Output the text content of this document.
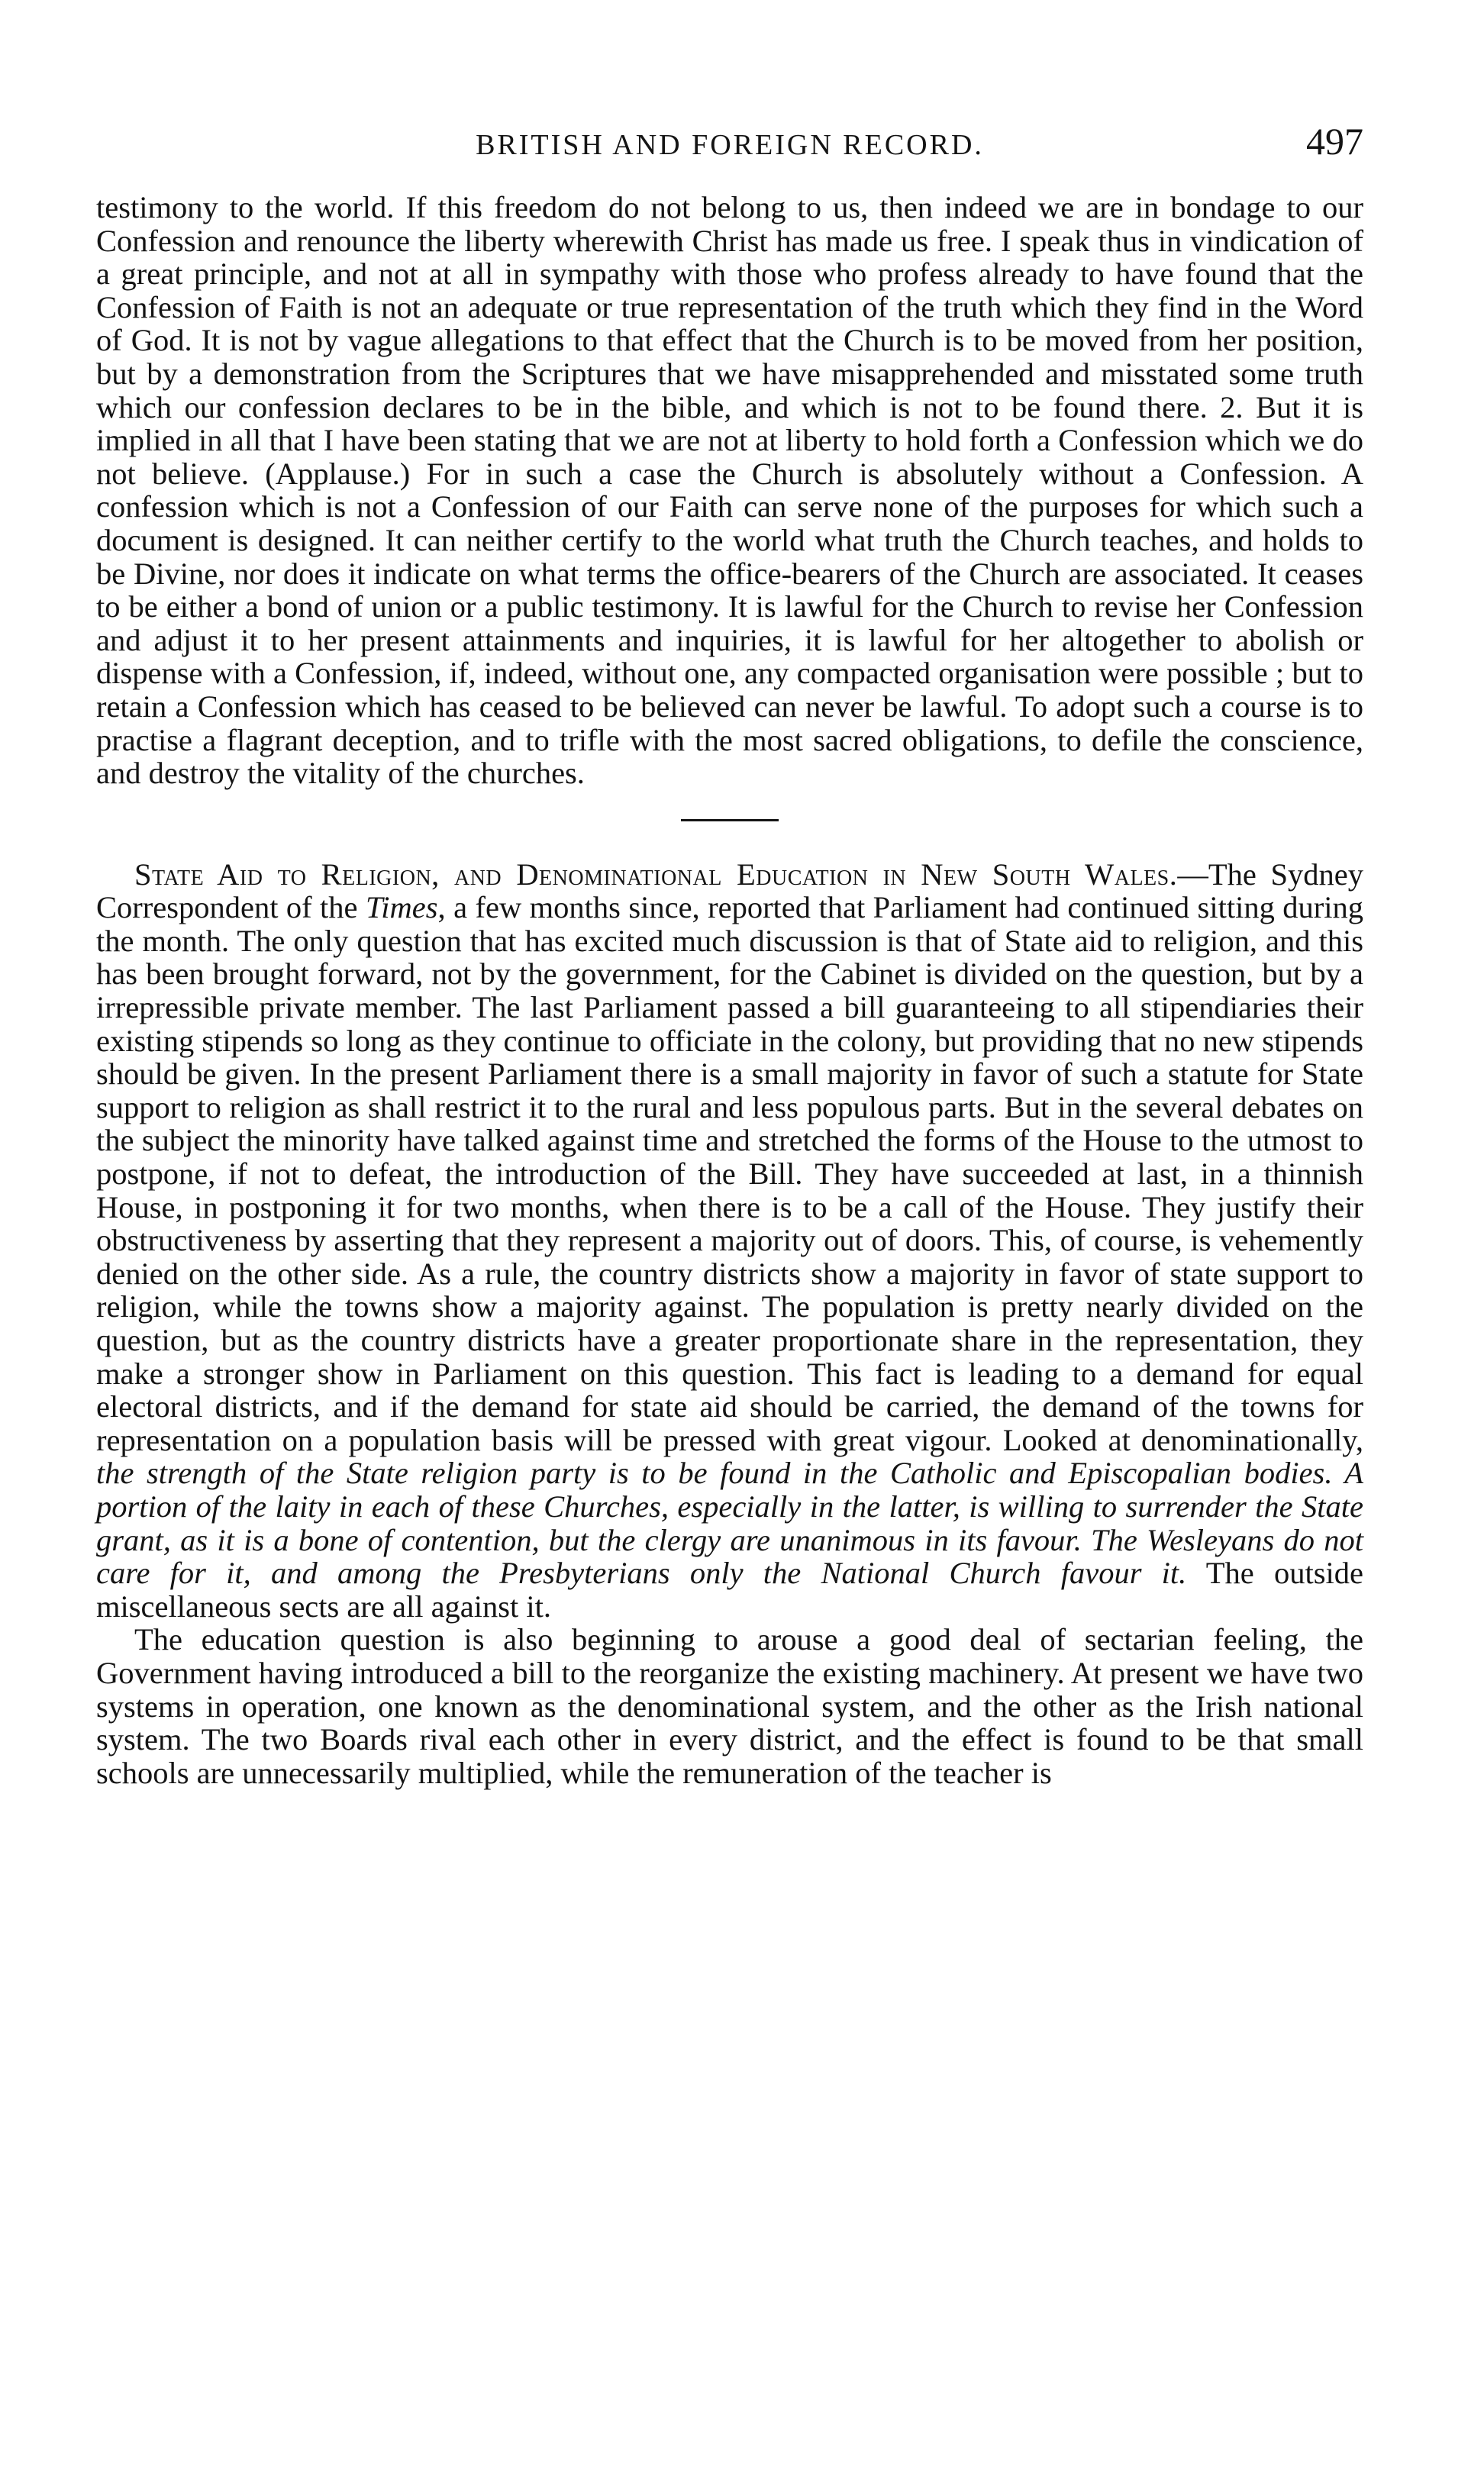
BRITISH AND FOREIGN RECORD.	497

testimony to the world. If this freedom do not belong to us, then indeed we are in bondage to our Confession and renounce the liberty wherewith Christ has made us free. I speak thus in vindication of a great principle, and not at all in sympathy with those who profess already to have found that the Confession of Faith is not an adequate or true representation of the truth which they find in the Word of God. It is not by vague allegations to that effect that the Church is to be moved from her position, but by a demonstration from the Scriptures that we have misapprehended and misstated some truth which our confession declares to be in the bible, and which is not to be found there. 2. But it is implied in all that I have been stating that we are not at liberty to hold forth a Confession which we do not believe. (Applause.) For in such a case the Church is absolutely without a Confession. A confession which is not a Confession of our Faith can serve none of the purposes for which such a document is designed. It can neither certify to the world what truth the Church teaches, and holds to be Divine, nor does it indicate on what terms the office-bearers of the Church are associated. It ceases to be either a bond of union or a public testimony. It is lawful for the Church to revise her Confession and adjust it to her present attainments and inquiries, it is lawful for her altogether to abolish or dispense with a Confession, if, indeed, without one, any compacted organisation were possible ; but to retain a Confession which has ceased to be believed can never be lawful. To adopt such a course is to practise a flagrant deception, and to trifle with the most sacred obligations, to defile the conscience, and destroy the vitality of the churches.

State Aid to Religion, and Denominational Education in New South Wales.—The Sydney Correspondent of the Times, a few months since, reported that Parliament had continued sitting during the month. The only question that has excited much discussion is that of State aid to religion, and this has been brought forward, not by the government, for the Cabinet is divided on the question, but by a irrepressible private member. The last Parliament passed a bill guaranteeing to all stipendiaries their existing stipends so long as they continue to officiate in the colony, but providing that no new stipends should be given. In the present Parliament there is a small majority in favor of such a statute for State support to religion as shall restrict it to the rural and less populous parts. But in the several debates on the subject the minority have talked against time and stretched the forms of the House to the utmost to postpone, if not to defeat, the introduction of the Bill. They have succeeded at last, in a thinnish House, in postponing it for two months, when there is to be a call of the House. They justify their obstructiveness by asserting that they represent a majority out of doors. This, of course, is vehemently denied on the other side. As a rule, the country districts show a majority in favor of state support to religion, while the towns show a majority against. The population is pretty nearly divided on the question, but as the country districts have a greater proportionate share in the representation, they make a stronger show in Parliament on this question. This fact is leading to a demand for equal electoral districts, and if the demand for state aid should be carried, the demand of the towns for representation on a population basis will be pressed with great vigour. Looked at denominationally, the strength of the State religion party is to be found in the Catholic and Episcopalian bodies. A portion of the laity in each of these Churches, especially in the latter, is willing to surrender the State grant, as it is a bone of contention, but the clergy are unanimous in its favour. The Wesleyans do not care for it, and among the Presbyterians only the National Church favour it. The outside miscellaneous sects are all against it.

The education question is also beginning to arouse a good deal of sectarian feeling, the Government having introduced a bill to the reorganize the existing machinery. At present we have two systems in operation, one known as the denominational system, and the other as the Irish national system. The two Boards rival each other in every district, and the effect is found to be that small schools are unnecessarily multiplied, while the remuneration of the teacher is
